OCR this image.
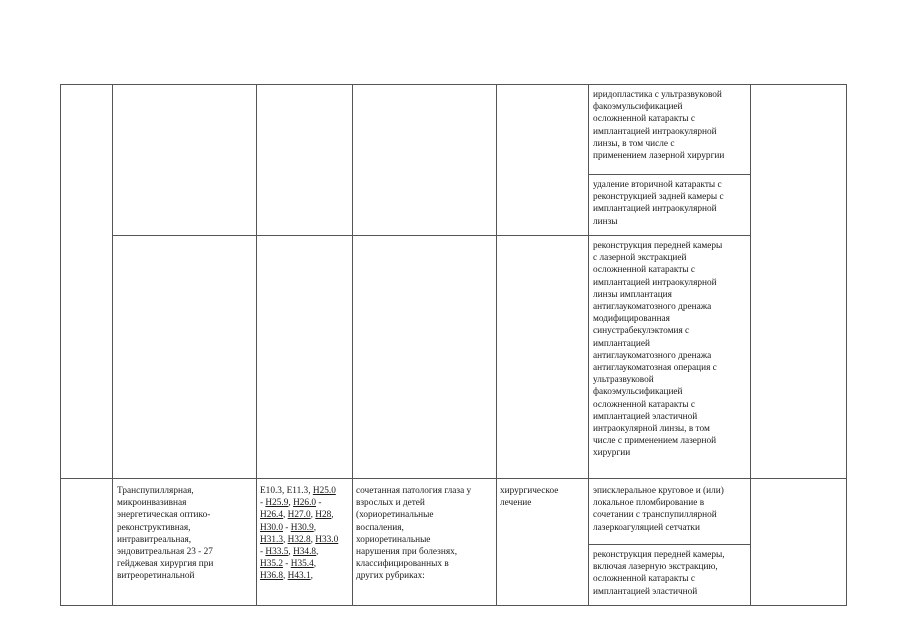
иридопластика с ультразвуковой
факоэмульсификацией
осложненной катаракты с
имплантацией интраокулярной
линзы, в том числе с
применением лазерной хирургии
удаление вторичной катаракты с
реконструкцией задней камеры с
имплантацией интраокулярной
линзы
реконструкция передней камеры
с лазерной экстракцией
осложненной катаракты с
имплантацией интраокулярной
линзы имплантация
антиглаукоматозного дренажа
модифицированная
синустрабекулэктомия с
имплантацией
антиглаукоматозного дренажа
антиглаукоматозная операция с
ультразвуковой
факоэмульсификацией
осложненной катаракты с
имплантацией эластичной
интраокулярной линзы, в том
числе с применением лазерной
хирургии
Транспупиллярная,
микроинвазивная
энергетическая оптико-
реконструктивная,
интравитреальная,
эндовитреальная 23 - 27
гейджевая хирургия при
витреоретинальной
E10.3, E11.3, H25.0
- H25.9, H26.0 -
H26.4, H27.0, H28,
H30.0 - H30.9,
H31.3, H32.8, H33.0
- H33.5, H34.8,
H35.2 - H35.4,
H36.8, H43.1,
сочетанная патология глаза у
взрослых и детей
(хориоретинальные
воспаления,
хориоретинальные
нарушения при болезнях,
классифицированных в
других рубриках:
хирургическое
лечение
эписклеральное круговое и (или)
локальное пломбирование в
сочетании с транспупиллярной
лазеркоагуляцией сетчатки
реконструкция передней камеры,
включая лазерную экстракцию,
осложненной катаракты с
имплантацией эластичной
